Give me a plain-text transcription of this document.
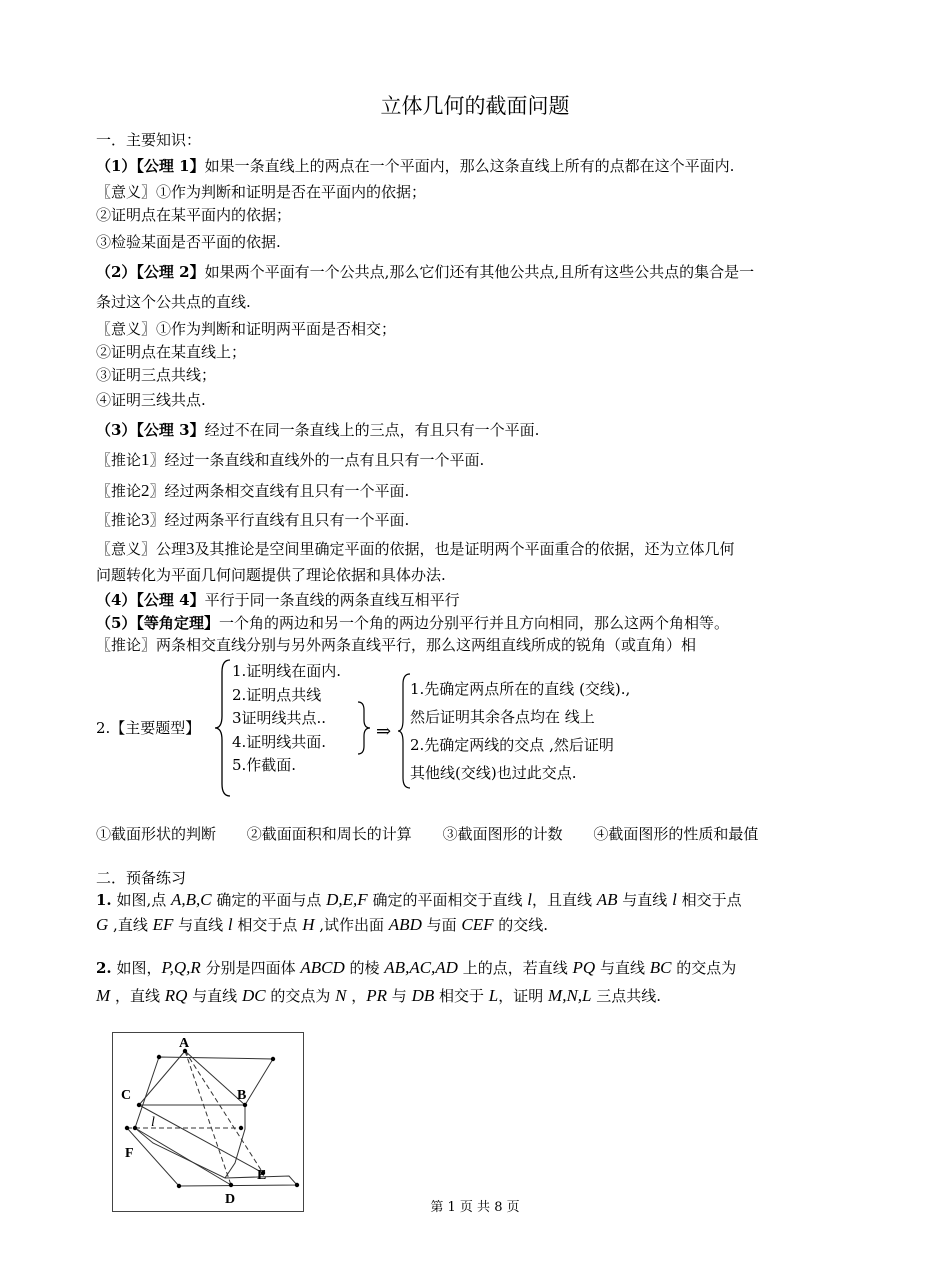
立体几何的截面问题
一．主要知识：
（1）【公理 1】如果一条直线上的两点在一个平面内，那么这条直线上所有的点都在这个平面内.
〖意义〗①作为判断和证明是否在平面内的依据；
②证明点在某平面内的依据；
③检验某面是否平面的依据.
（2）【公理 2】如果两个平面有一个公共点,那么它们还有其他公共点,且所有这些公共点的集合是一
条过这个公共点的直线.
〖意义〗①作为判断和证明两平面是否相交；
②证明点在某直线上；
③证明三点共线；
④证明三线共点.
（3）【公理 3】经过不在同一条直线上的三点，有且只有一个平面.
〖推论1〗经过一条直线和直线外的一点有且只有一个平面.
〖推论2〗经过两条相交直线有且只有一个平面.
〖推论3〗经过两条平行直线有且只有一个平面.
〖意义〗公理3及其推论是空间里确定平面的依据，也是证明两个平面重合的依据，还为立体几何
问题转化为平面几何问题提供了理论依据和具体办法.
（4）【公理 4】平行于同一条直线的两条直线互相平行
（5）【等角定理】一个角的两边和另一个角的两边分别平行并且方向相同，那么这两个角相等。
〖推论〗两条相交直线分别与另外两条直线平行，那么这两组直线所成的锐角（或直角）相
2.【主要题型】
1.证明线在面内.
2.证明点共线
3证明线共点..
4.证明线共面.
5.作截面.
⇒
1.先确定两点所在的直线 (交线).,
然后证明其余各点均在 线上
2.先确定两线的交点 ,然后证明
其他线(交线)也过此交点.
①截面形状的判断 ②截面面积和周长的计算 ③截面图形的计数 ④截面图形的性质和最值
二．预备练习
1. 如图,点 A,B,C 确定的平面与点 D,E,F 确定的平面相交于直线 l，且直线 AB 与直线 l 相交于点
G ,直线 EF 与直线 l 相交于点 H ,试作出面 ABD 与面 CEF 的交线.
2. 如图，P,Q,R 分别是四面体 ABCD 的棱 AB,AC,AD 上的点，若直线 PQ 与直线 BC 的交点为
M ，直线 RQ 与直线 DC 的交点为 N ，PR 与 DB 相交于 L，证明 M,N,L 三点共线.
A
B
C
D
E
F
l
第 1 页 共 8 页
